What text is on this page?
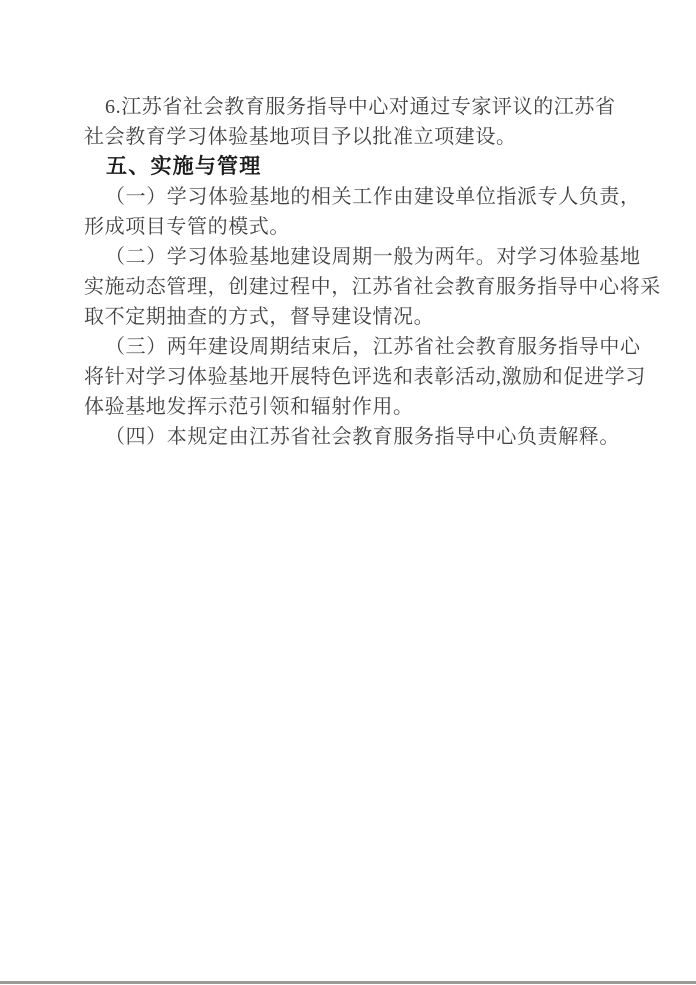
6.江苏省社会教育服务指导中心对通过专家评议的江苏省

社会教育学习体验基地项目予以批准立项建设。

五、实施与管理

（一）学习体验基地的相关工作由建设单位指派专人负责，

形成项目专管的模式。

（二）学习体验基地建设周期一般为两年。对学习体验基地

实施动态管理，创建过程中，江苏省社会教育服务指导中心将采

取不定期抽查的方式，督导建设情况。

（三）两年建设周期结束后，江苏省社会教育服务指导中心

将针对学习体验基地开展特色评选和表彰活动,激励和促进学习

体验基地发挥示范引领和辐射作用。

（四）本规定由江苏省社会教育服务指导中心负责解释。
